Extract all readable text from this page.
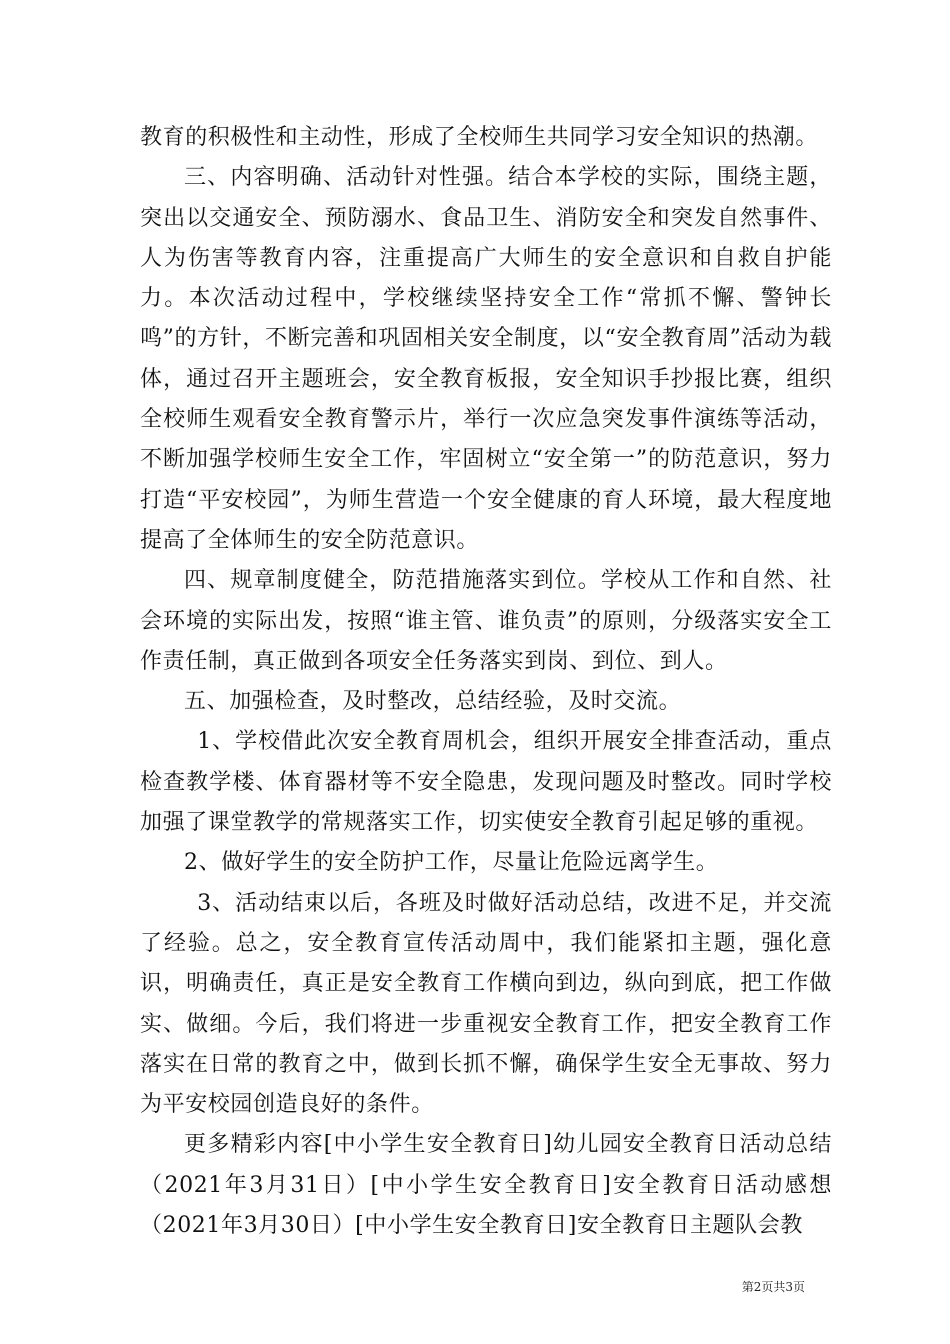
教育的积极性和主动性，形成了全校师生共同学习安全知识的热潮。

三、内容明确、活动针对性强。结合本学校的实际，围绕主题，突出以交通安全、预防溺水、食品卫生、消防安全和突发自然事件、人为伤害等教育内容，注重提高广大师生的安全意识和自救自护能力。本次活动过程中，学校继续坚持安全工作“常抓不懈、警钟长鸣”的方针，不断完善和巩固相关安全制度，以“安全教育周”活动为载体，通过召开主题班会，安全教育板报，安全知识手抄报比赛，组织全校师生观看安全教育警示片，举行一次应急突发事件演练等活动，不断加强学校师生安全工作，牢固树立“安全第一”的防范意识，努力打造“平安校园”，为师生营造一个安全健康的育人环境，最大程度地提高了全体师生的安全防范意识。

四、规章制度健全，防范措施落实到位。学校从工作和自然、社会环境的实际出发，按照“谁主管、谁负责”的原则，分级落实安全工作责任制，真正做到各项安全任务落实到岗、到位、到人。

五、加强检查，及时整改，总结经验，及时交流。

1、学校借此次安全教育周机会，组织开展安全排查活动，重点检查教学楼、体育器材等不安全隐患，发现问题及时整改。同时学校加强了课堂教学的常规落实工作，切实使安全教育引起足够的重视。

2、做好学生的安全防护工作，尽量让危险远离学生。

3、活动结束以后，各班及时做好活动总结，改进不足，并交流了经验。总之，安全教育宣传活动周中，我们能紧扣主题，强化意识，明确责任，真正是安全教育工作横向到边，纵向到底，把工作做实、做细。今后，我们将进一步重视安全教育工作，把安全教育工作落实在日常的教育之中，做到长抓不懈，确保学生安全无事故、努力为平安校园创造良好的条件。

更多精彩内容[中小学生安全教育日]幼儿园安全教育日活动总结（2021年3月31日）[中小学生安全教育日]安全教育日活动感想（2021年3月30日）[中小学生安全教育日]安全教育日主题队会教

第2页共3页
